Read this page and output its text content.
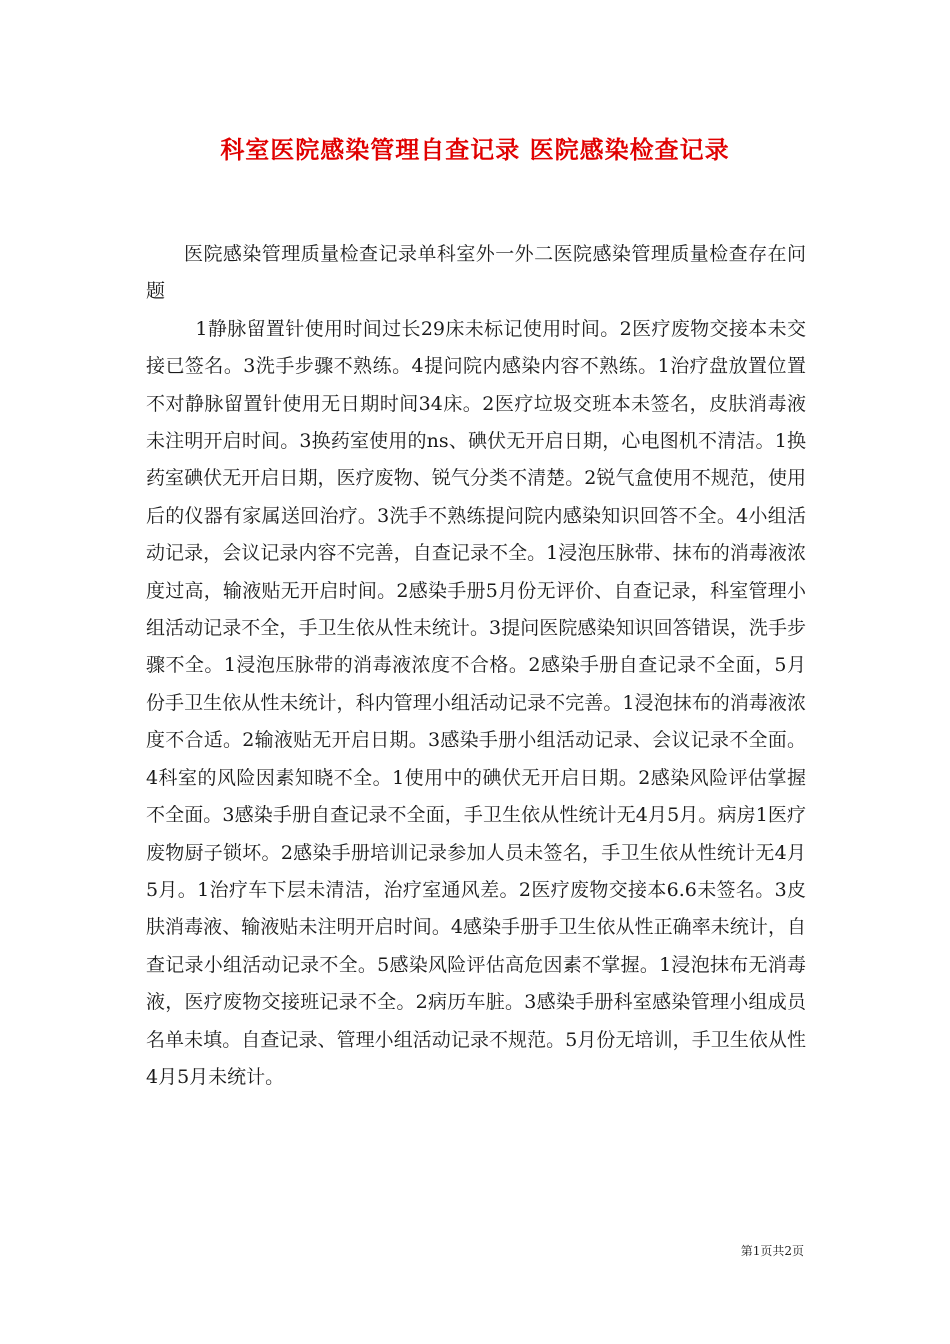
科室医院感染管理自查记录 医院感染检查记录

医院感染管理质量检查记录单科室外一外二医院感染管理质量检查存在问题

1静脉留置针使用时间过长29床未标记使用时间。2医疗废物交接本未交接已签名。3洗手步骤不熟练。4提问院内感染内容不熟练。1治疗盘放置位置不对静脉留置针使用无日期时间34床。2医疗垃圾交班本未签名，皮肤消毒液未注明开启时间。3换药室使用的ns、碘伏无开启日期，心电图机不清洁。1换药室碘伏无开启日期，医疗废物、锐气分类不清楚。2锐气盒使用不规范，使用后的仪器有家属送回治疗。3洗手不熟练提问院内感染知识回答不全。4小组活动记录，会议记录内容不完善，自查记录不全。1浸泡压脉带、抹布的消毒液浓度过高，输液贴无开启时间。2感染手册5月份无评价、自查记录，科室管理小组活动记录不全，手卫生依从性未统计。3提问医院感染知识回答错误，洗手步骤不全。1浸泡压脉带的消毒液浓度不合格。2感染手册自查记录不全面，5月份手卫生依从性未统计，科内管理小组活动记录不完善。1浸泡抹布的消毒液浓度不合适。2输液贴无开启日期。3感染手册小组活动记录、会议记录不全面。4科室的风险因素知晓不全。1使用中的碘伏无开启日期。2感染风险评估掌握不全面。3感染手册自查记录不全面，手卫生依从性统计无4月5月。病房1医疗废物厨子锁坏。2感染手册培训记录参加人员未签名，手卫生依从性统计无4月5月。1治疗车下层未清洁，治疗室通风差。2医疗废物交接本6.6未签名。3皮肤消毒液、输液贴未注明开启时间。4感染手册手卫生依从性正确率未统计，自查记录小组活动记录不全。5感染风险评估高危因素不掌握。1浸泡抹布无消毒液，医疗废物交接班记录不全。2病历车脏。3感染手册科室感染管理小组成员名单未填。自查记录、管理小组活动记录不规范。5月份无培训，手卫生依从性4月5月未统计。

第1页共2页
